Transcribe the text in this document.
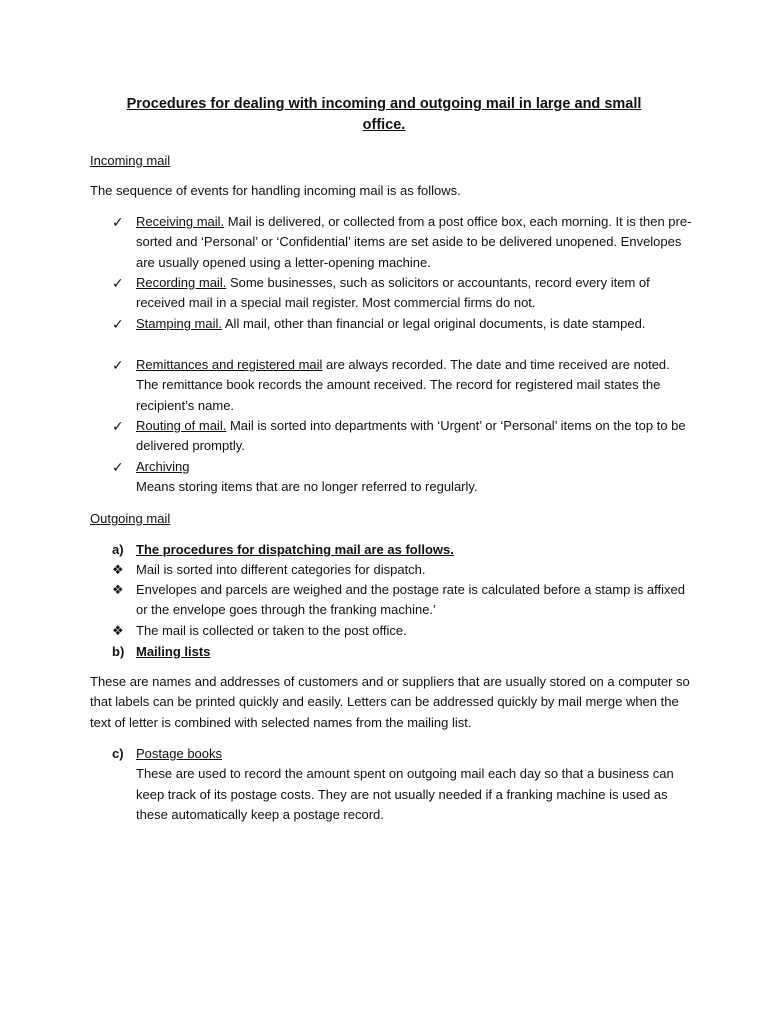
Procedures for dealing with incoming and outgoing mail in large and small
office.
Incoming mail
The sequence of events for handling incoming mail is as follows.
✓ Receiving mail. Mail is delivered, or collected from a post office box, each morning. It is then pre-sorted and ‘Personal’ or ‘Confidential’ items are set aside to be delivered unopened. Envelopes are usually opened using a letter-opening machine.
✓ Recording mail. Some businesses, such as solicitors or accountants, record every item of received mail in a special mail register. Most commercial firms do not.
✓ Stamping mail. All mail, other than financial or legal original documents, is date stamped.
✓ Remittances and registered mail are always recorded. The date and time received are noted. The remittance book records the amount received. The record for registered mail states the recipient’s name.
✓ Routing of mail. Mail is sorted into departments with ‘Urgent’ or ‘Personal’ items on the top to be delivered promptly.
✓ Archiving
Means storing items that are no longer referred to regularly.
Outgoing mail
a) The procedures for dispatching mail are as follows.
❖ Mail is sorted into different categories for dispatch.
❖ Envelopes and parcels are weighed and the postage rate is calculated before a stamp is affixed or the envelope goes through the franking machine.’
❖ The mail is collected or taken to the post office.
b) Mailing lists
These are names and addresses of customers and or suppliers that are usually stored on a computer so that labels can be printed quickly and easily. Letters can be addressed quickly by mail merge when the text of letter is combined with selected names from the mailing list.
c) Postage books
These are used to record the amount spent on outgoing mail each day so that a business can keep track of its postage costs. They are not usually needed if a franking machine is used as these automatically keep a postage record.
